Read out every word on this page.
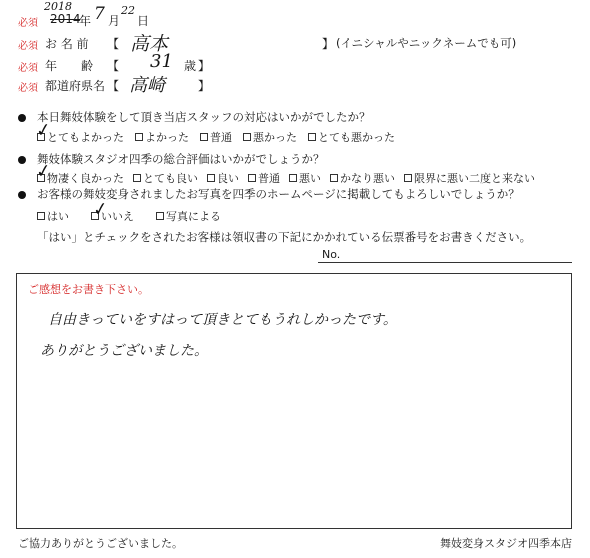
必須
2018
2014
年 7 月
22
日
必須 お 名 前 【 高本	】 (イニシャルやニックネームでも可)
必須 年　　齢 【 31 歳 】
必須 都道府県名 【 高崎	】
本日舞妓体験をして頂き当店スタッフの対応はいかがでしたか？
とてもよかった よかった 普通 悪かった とても悪かった
✓
舞妓体験スタジオ四季の総合評価はいかがでしょうか？
物凄く良かった とても良い 良い 普通 悪い かなり悪い 限界に悪い二度と来ない
✓
お客様の舞妓変身されましたお写真を四季のホームページに掲載してもよろしいでしょうか？
はい	いいえ	写真による
✓
「はい」とチェックをされたお客様は領収書の下記にかかれている伝票番号をお書きください。
No.
ご感想をお書き下さい。
自由きっていをすはって頂きとてもうれしかったです。
ありがとうございました。
ご協力ありがとうございました。	舞妓変身スタジオ四季本店
